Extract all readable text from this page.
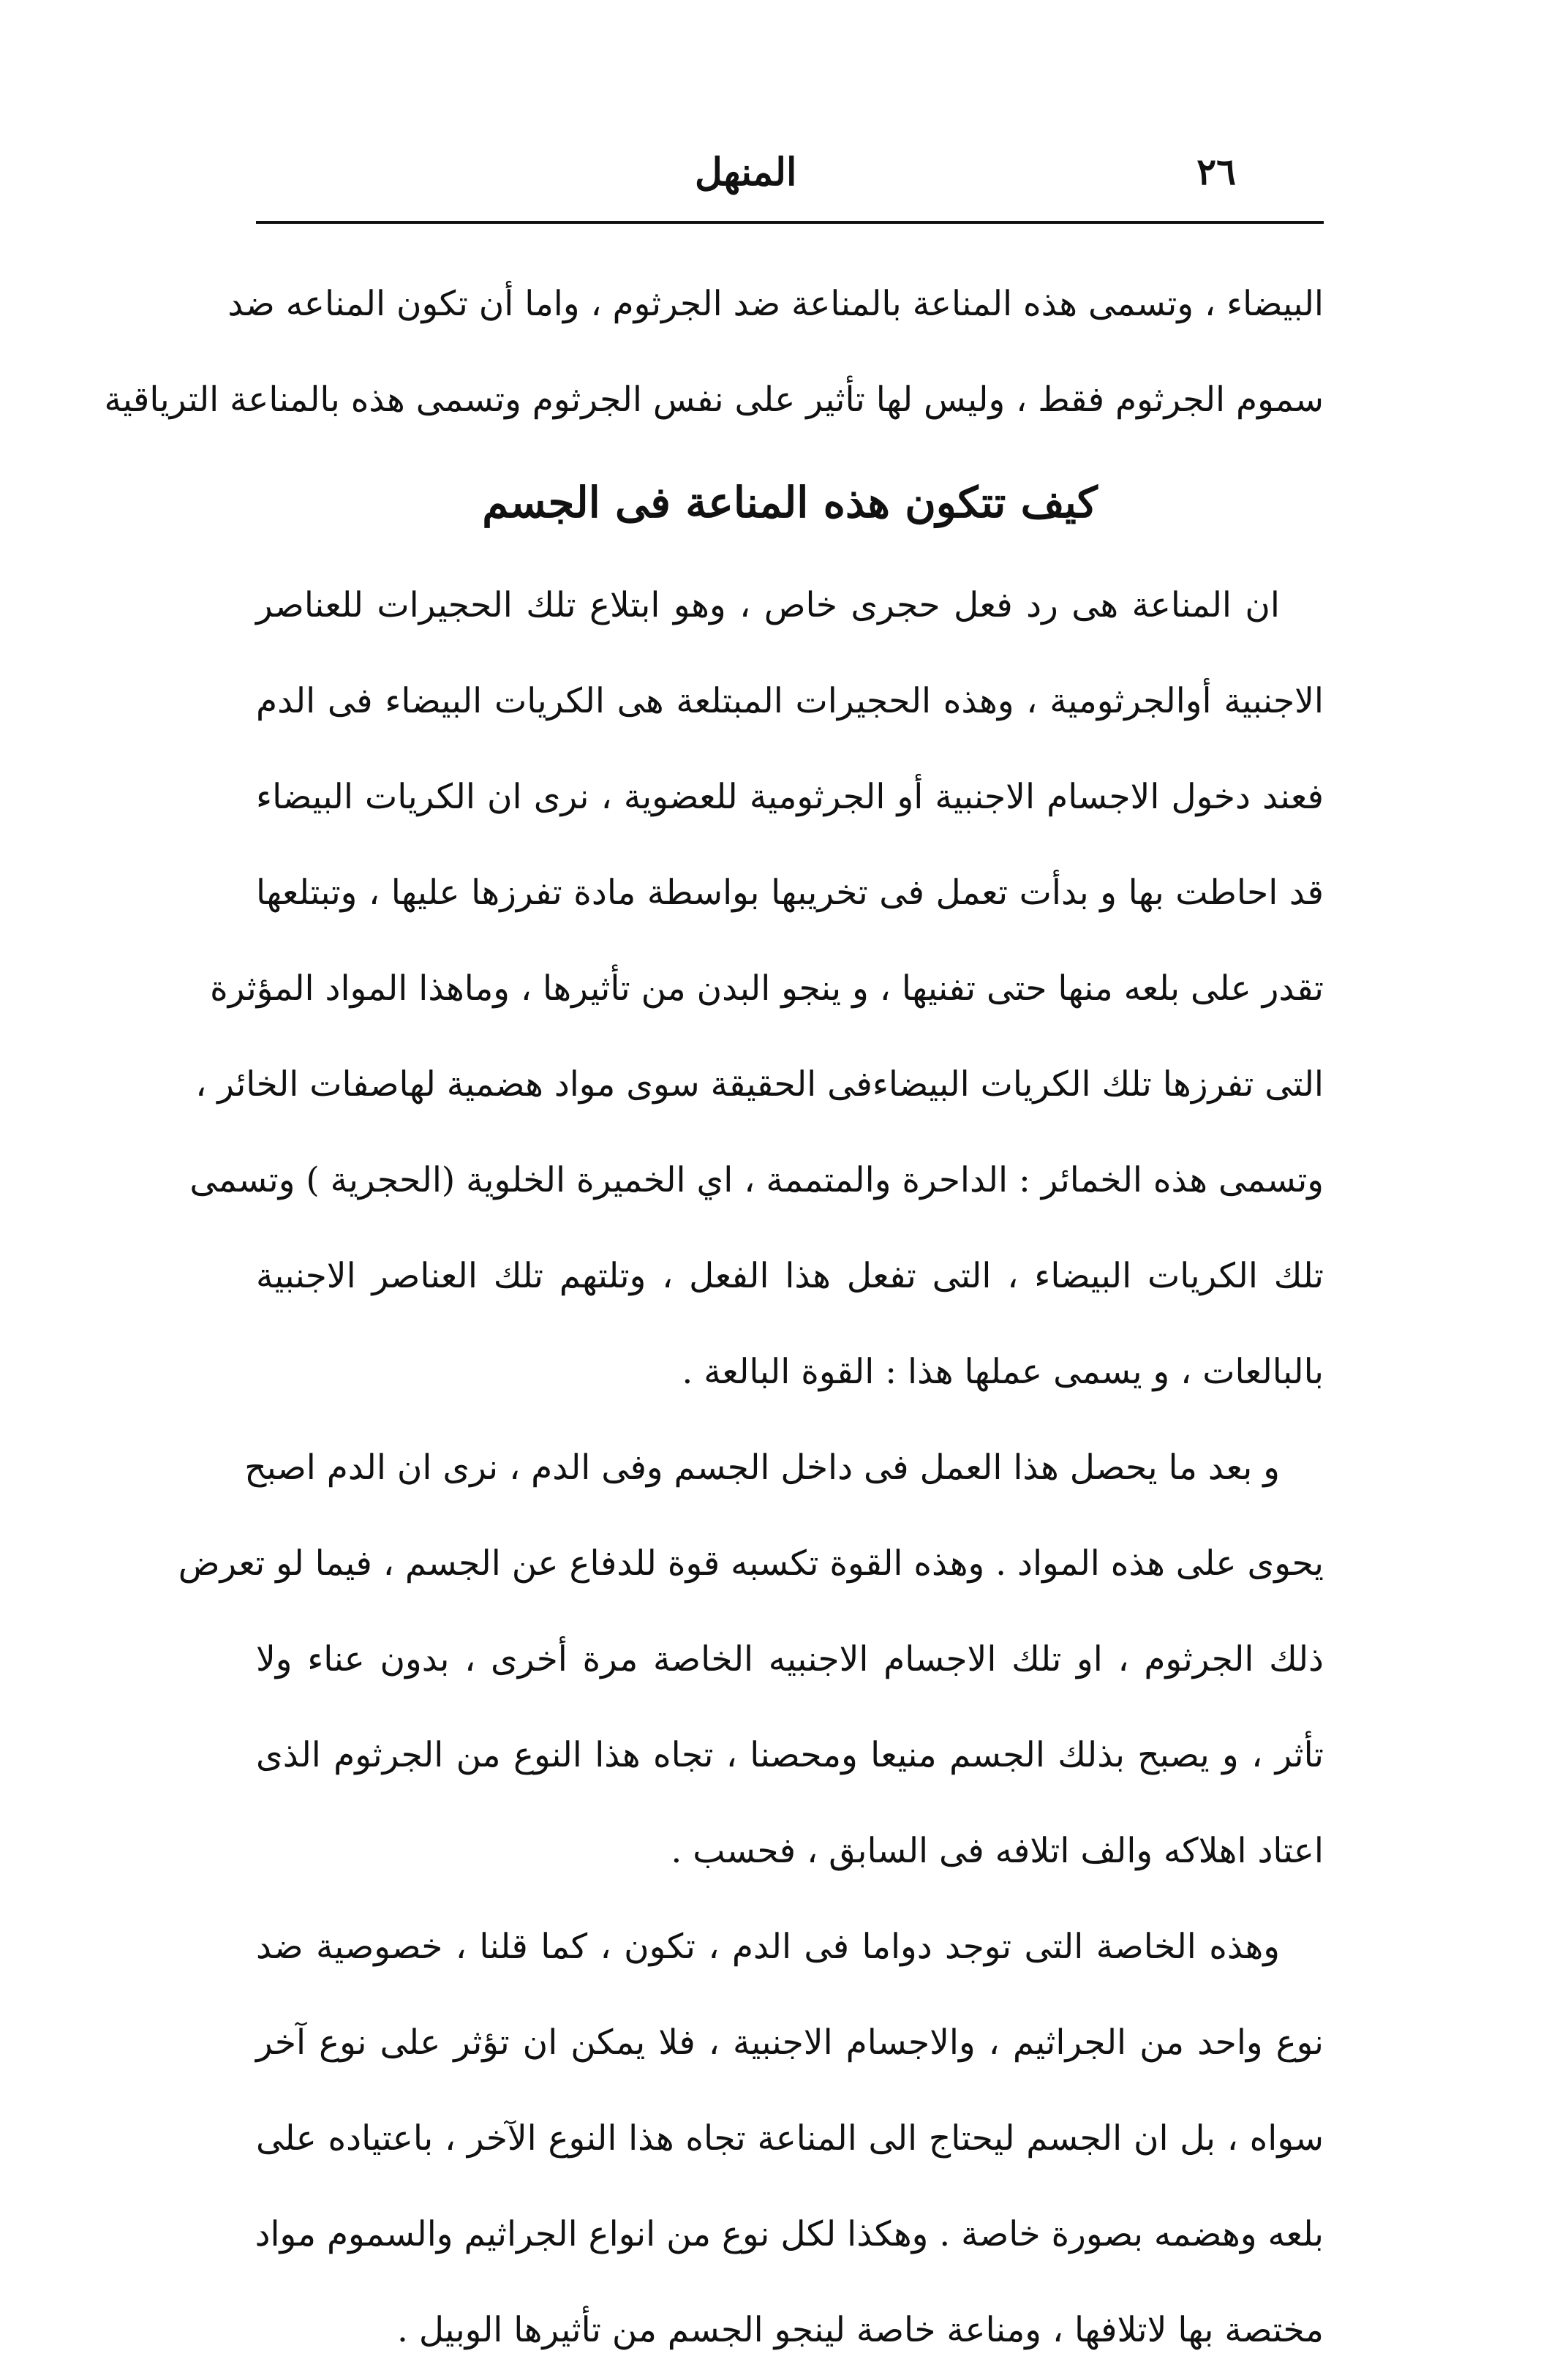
٢٦
المنهل
البيضاء ، وتسمى هذه المناعة بالمناعة ضد الجرثوم ، واما أن تكون المناعه ضد
سموم الجرثوم فقط ، وليس لها تأثير على نفس الجرثوم وتسمى هذه بالمناعة الترياقية
كيف تتكون هذه المناعة فى الجسم
ان المناعة هى رد فعل حجرى خاص ، وهو ابتلاع تلك الحجيرات للعناصر
الاجنبية أوالجرثومية ، وهذه الحجيرات المبتلعة هى الكريات البيضاء فى الدم
فعند دخول الاجسام الاجنبية أو الجرثومية للعضوية ، نرى ان الكريات البيضاء
قد احاطت بها و بدأت تعمل فى تخريبها بواسطة مادة تفرزها عليها ، وتبتلعها
تقدر على بلعه منها حتى تفنيها ، و ينجو البدن من تأثيرها ، وماهذا المواد المؤثرة
التى تفرزها تلك الكريات البيضاءفى الحقيقة سوى مواد هضمية لهاصفات الخائر ،
وتسمى هذه الخمائر : الداحرة والمتممة ، اي الخميرة الخلوية (الحجرية ) وتسمى
تلك الكريات البيضاء ، التى تفعل هذا الفعل ، وتلتهم تلك العناصر الاجنبية
بالبالعات ، و يسمى عملها هذا : القوة البالعة .
و بعد ما يحصل هذا العمل فى داخل الجسم وفى الدم ، نرى ان الدم اصبح
يحوى على هذه المواد . وهذه القوة تكسبه قوة للدفاع عن الجسم ، فيما لو تعرض
ذلك الجرثوم ، او تلك الاجسام الاجنبيه الخاصة مرة أخرى ، بدون عناء ولا
تأثر ، و يصبح بذلك الجسم منيعا ومحصنا ، تجاه هذا النوع من الجرثوم الذى
اعتاد اهلاكه والف اتلافه فى السابق ، فحسب .
وهذه الخاصة التى توجد دواما فى الدم ، تكون ، كما قلنا ، خصوصية ضد
نوع واحد من الجراثيم ، والاجسام الاجنبية ، فلا يمكن ان تؤثر على نوع آخر
سواه ، بل ان الجسم ليحتاج الى المناعة تجاه هذا النوع الآخر ، باعتياده على
بلعه وهضمه بصورة خاصة . وهكذا لكل نوع من انواع الجراثيم والسموم مواد
مختصة بها لاتلافها ، ومناعة خاصة لينجو الجسم من تأثيرها الوبيل .
